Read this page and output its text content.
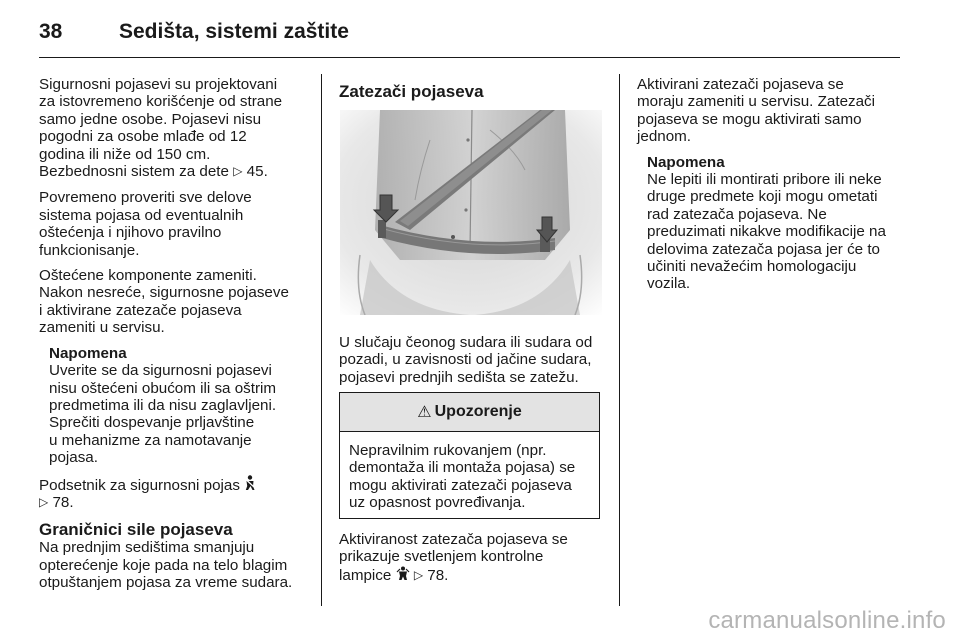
38	Sedišta, sistemi zaštite

Sigurnosni pojasevi su projektovani
za istovremeno korišćenje od strane
samo jedne osobe. Pojasevi nisu
pogodni za osobe mlađe od 12
godina ili niže od 150 cm.
Bezbednosni sistem za dete ▷ 45.

Povremeno proveriti sve delove
sistema pojasa od eventualnih
oštećenja i njihovo pravilno
funkcionisanje.

Oštećene komponente zameniti.
Nakon nesreće, sigurnosne pojaseve
i aktivirane zatezače pojaseva
zameniti u servisu.

Napomena
Uverite se da sigurnosni pojasevi
nisu oštećeni obućom ili sa oštrim
predmetima ili da nisu zaglavljeni.
Sprečiti dospevanje prljavštine
u mehanizme za namotavanje
pojasa.

Podsetnik za sigurnosni pojas
▷ 78.

Graničnici sile pojaseva

Na prednjim sedištima smanjuju
opterećenje koje pada na telo blagim
otpuštanjem pojasa za vreme sudara.

Zatezači pojaseva
U slučaju čeonog sudara ili sudara od
pozadi, u zavisnosti od jačine sudara,
pojasevi prednjih sedišta se zatežu.
⚠ Upozorenje
Nepravilnim rukovanjem (npr.
demontaža ili montaža pojasa) se
mogu aktivirati zatezači pojaseva
uz opasnost povređivanja.
Aktiviranost zatezača pojaseva se
prikazuje svetlenjem kontrolne
lampice ▷ 78.

Aktivirani zatezači pojaseva se
moraju zameniti u servisu. Zatezači
pojaseva se mogu aktivirati samo
jednom.

Napomena
Ne lepiti ili montirati pribore ili neke
druge predmete koji mogu ometati
rad zatezača pojaseva. Ne
preduzimati nikakve modifikacije na
delovima zatezača pojasa jer će to
učiniti nevažećim homologaciju
vozila.
carmanualsonline.info
